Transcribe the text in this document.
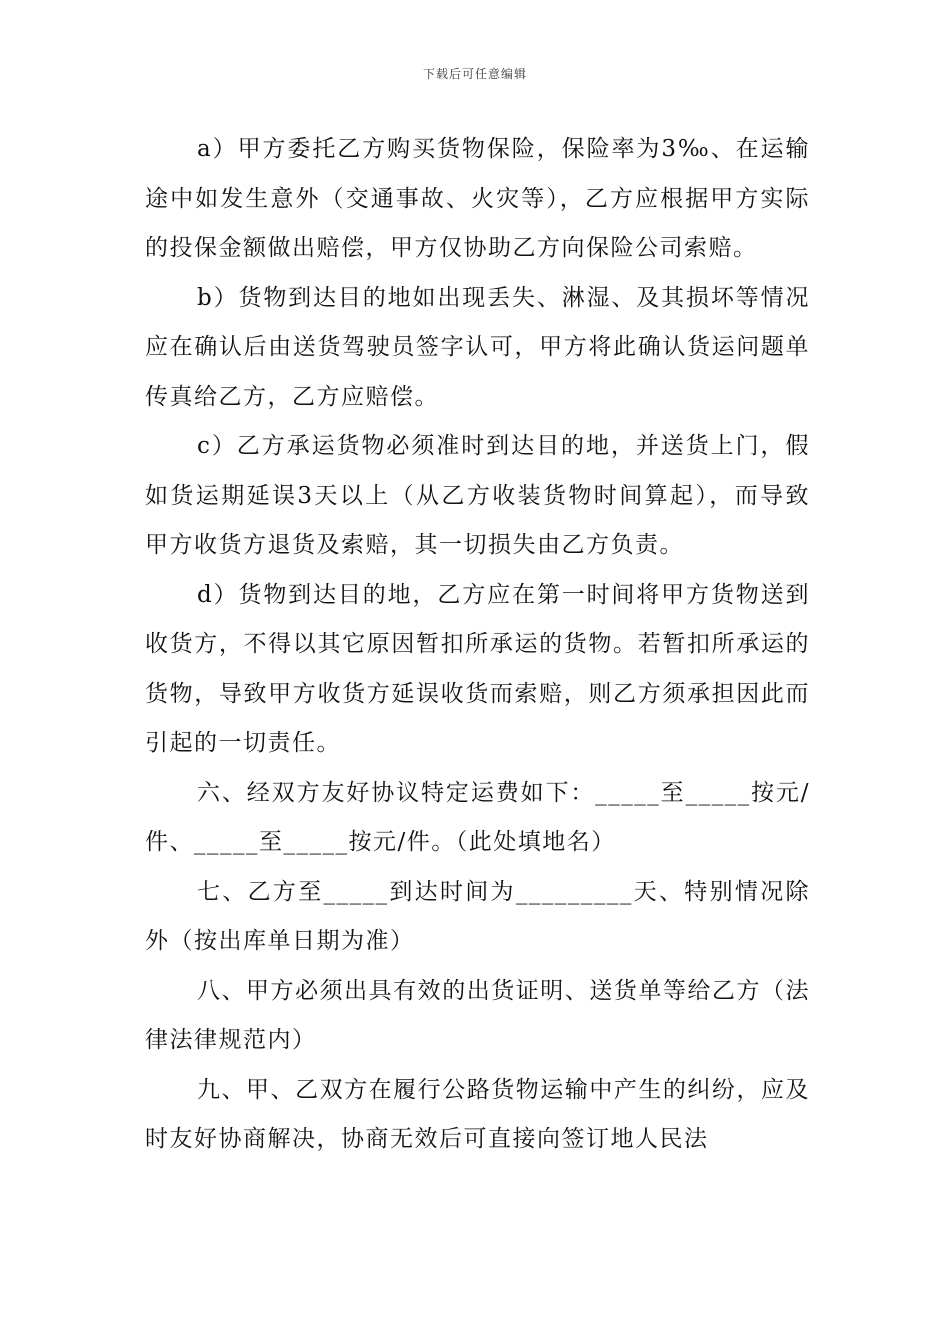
下载后可任意编辑

a）甲方委托乙方购买货物保险，保险率为3‰、在运输途中如发生意外（交通事故、火灾等），乙方应根据甲方实际的投保金额做出赔偿，甲方仅协助乙方向保险公司索赔。

b）货物到达目的地如出现丢失、淋湿、及其损坏等情况应在确认后由送货驾驶员签字认可，甲方将此确认货运问题单传真给乙方，乙方应赔偿。

c）乙方承运货物必须准时到达目的地，并送货上门，假如货运期延误3天以上（从乙方收装货物时间算起），而导致甲方收货方退货及索赔，其一切损失由乙方负责。

d）货物到达目的地，乙方应在第一时间将甲方货物送到收货方，不得以其它原因暂扣所承运的货物。若暂扣所承运的货物，导致甲方收货方延误收货而索赔，则乙方须承担因此而引起的一切责任。

六、经双方友好协议特定运费如下：_____至_____按元/件、_____至_____按元/件。（此处填地名）

七、乙方至_____到达时间为_________天、特别情况除外（按出库单日期为准）

八、甲方必须出具有效的出货证明、送货单等给乙方（法律法律规范内）

九、甲、乙双方在履行公路货物运输中产生的纠纷，应及时友好协商解决，协商无效后可直接向签订地人民法
